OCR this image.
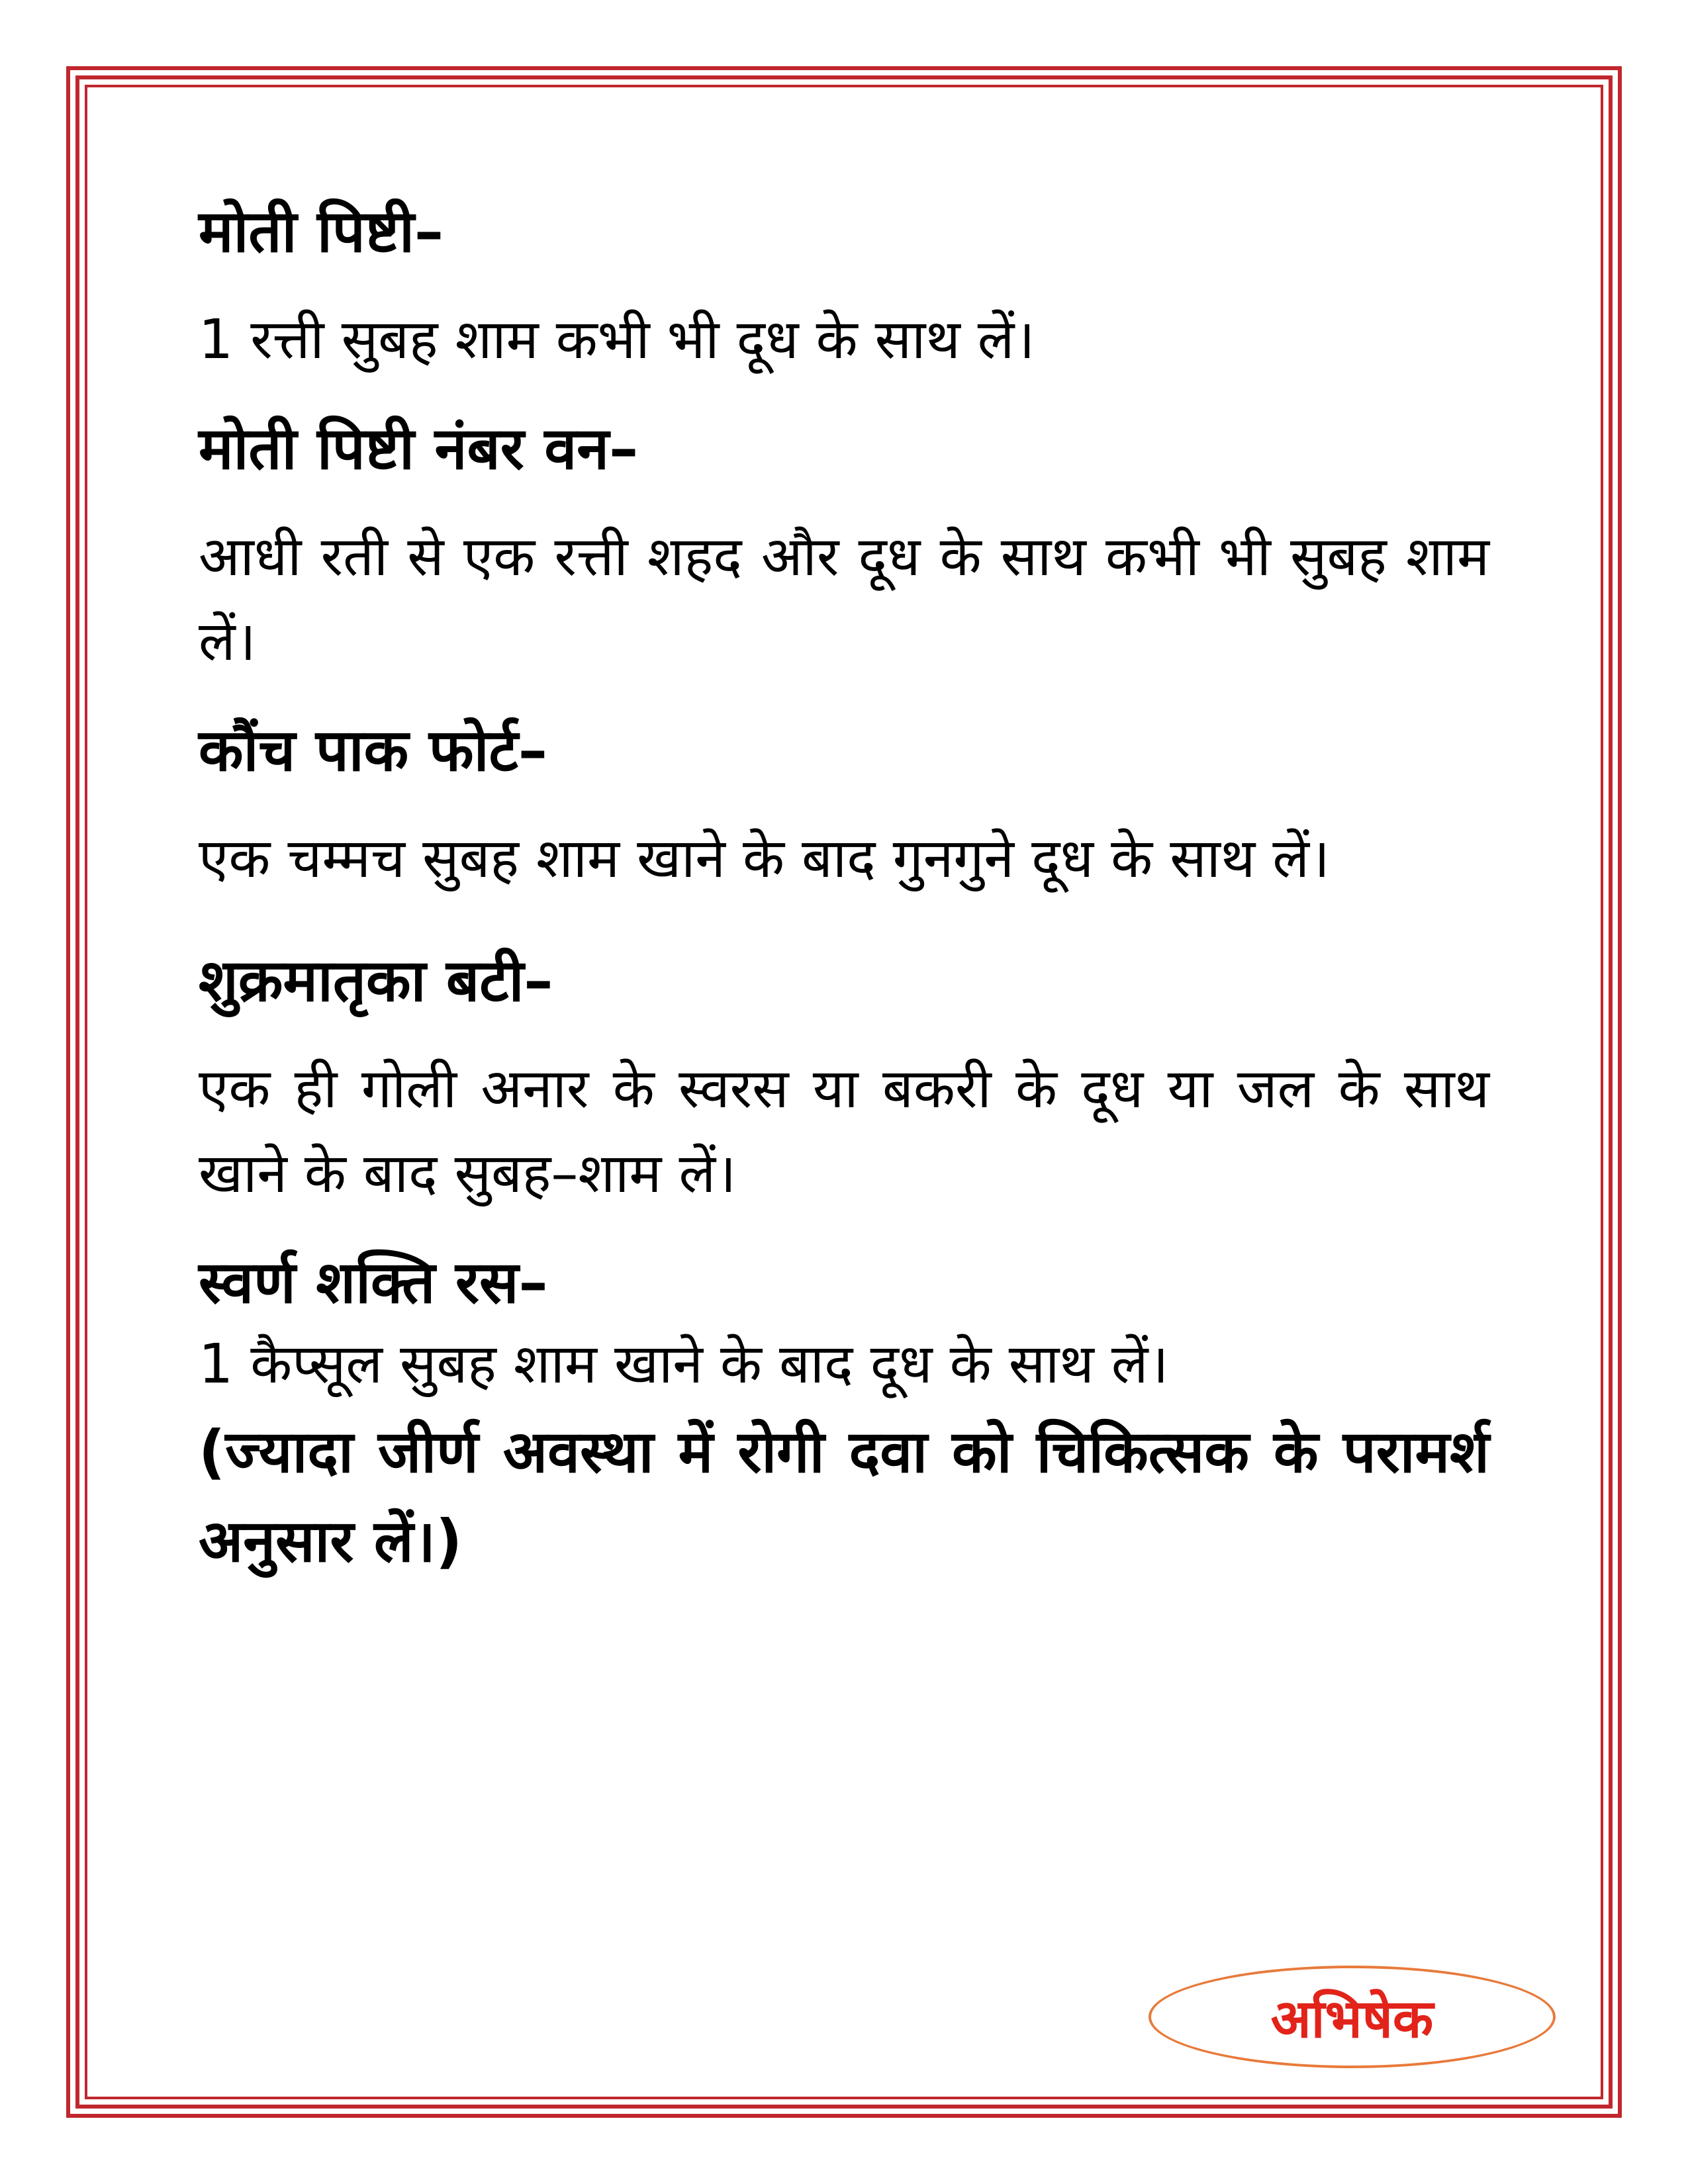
मोती पिष्टी–

1 रत्ती सुबह शाम कभी भी दूध के साथ लें।

मोती पिष्टी नंबर वन–

आधी रती से एक रत्ती शहद और दूध के साथ कभी भी सुबह शाम लें।

कौंच पाक फोर्ट–

एक चम्मच सुबह शाम खाने के बाद गुनगुने दूध के साथ लें।

शुक्रमातृका बटी–

एक ही गोली अनार के स्वरस या बकरी के दूध या जल के साथ खाने के बाद सुबह–शाम लें।

स्वर्ण शक्ति रस–

1 कैप्सूल सुबह शाम खाने के बाद दूध के साथ लें।

(ज्यादा जीर्ण अवस्था में रोगी दवा को चिकित्सक के परामर्श अनुसार लें।)

अभिषेक
